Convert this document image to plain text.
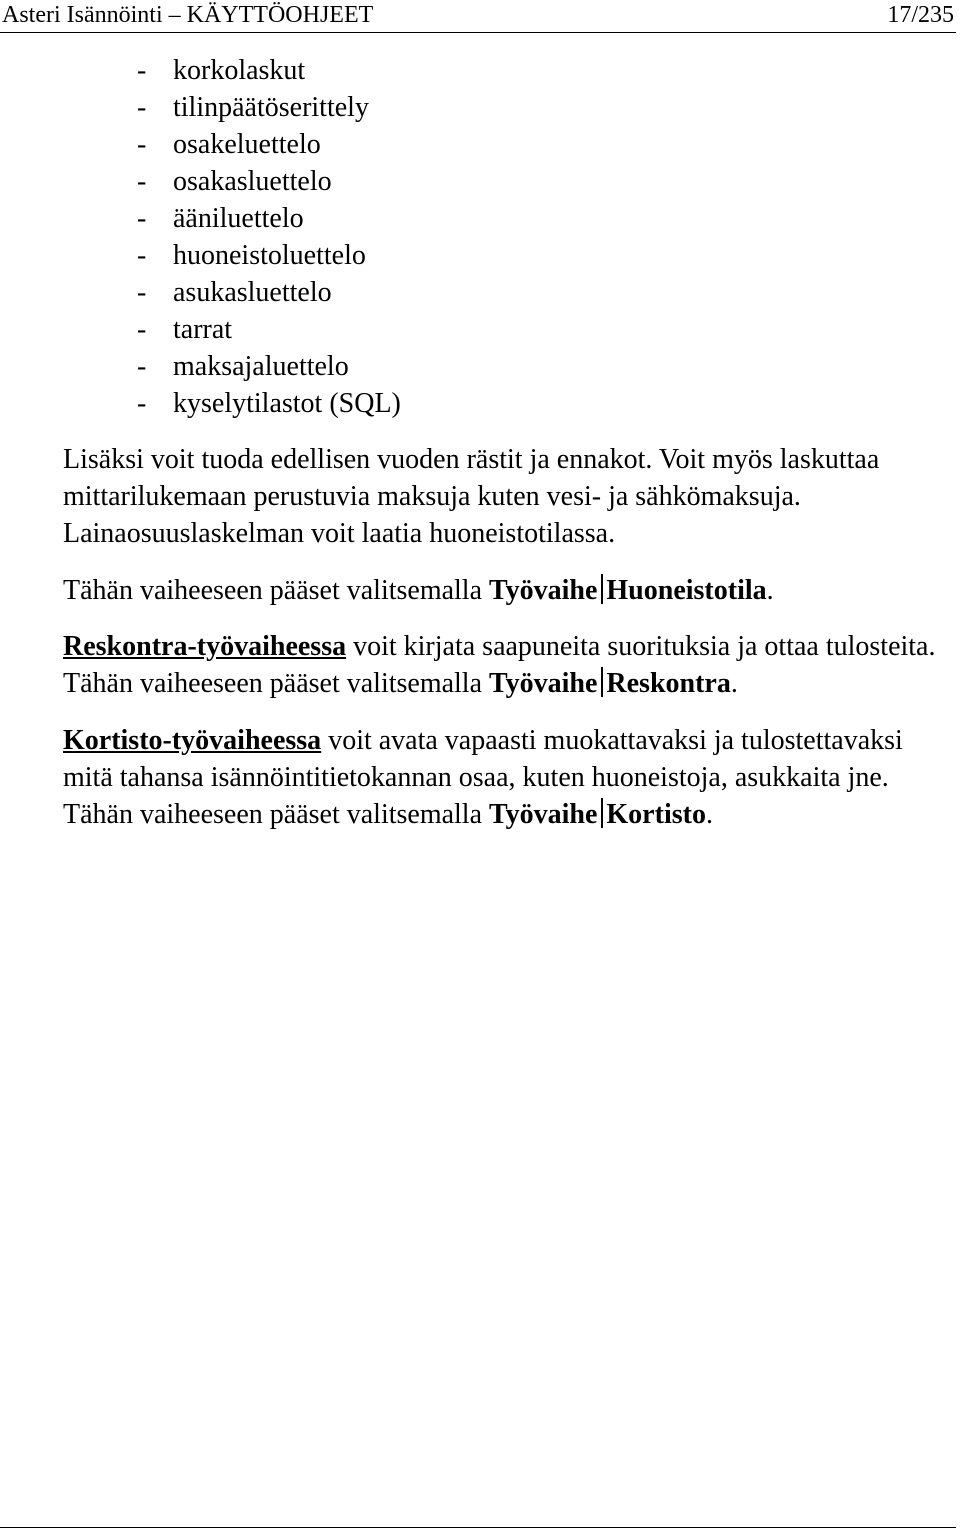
Asteri Isännöinti – KÄYTTÖOHJEET	17/235
- korkolaskut
- tilinpäätöserittely
- osakeluettelo
- osakasluettelo
- ääniluettelo
- huoneistoluettelo
- asukasluettelo
- tarrat
- maksajaluettelo
- kyselytilastot (SQL)

Lisäksi voit tuoda edellisen vuoden rästit ja ennakot. Voit myös laskuttaa mittarilukemaan perustuvia maksuja kuten vesi- ja sähkömaksuja. Lainaosuuslaskelman voit laatia huoneistotilassa.

Tähän vaiheeseen pääset valitsemalla Työvaihe Huoneistotila.

Reskontra-työvaiheessa voit kirjata saapuneita suorituksia ja ottaa tulosteita. Tähän vaiheeseen pääset valitsemalla Työvaihe Reskontra.

Kortisto-työvaiheessa voit avata vapaasti muokattavaksi ja tulostettavaksi mitä tahansa isännöintitietokannan osaa, kuten huoneistoja, asukkaita jne. Tähän vaiheeseen pääset valitsemalla Työvaihe Kortisto.
